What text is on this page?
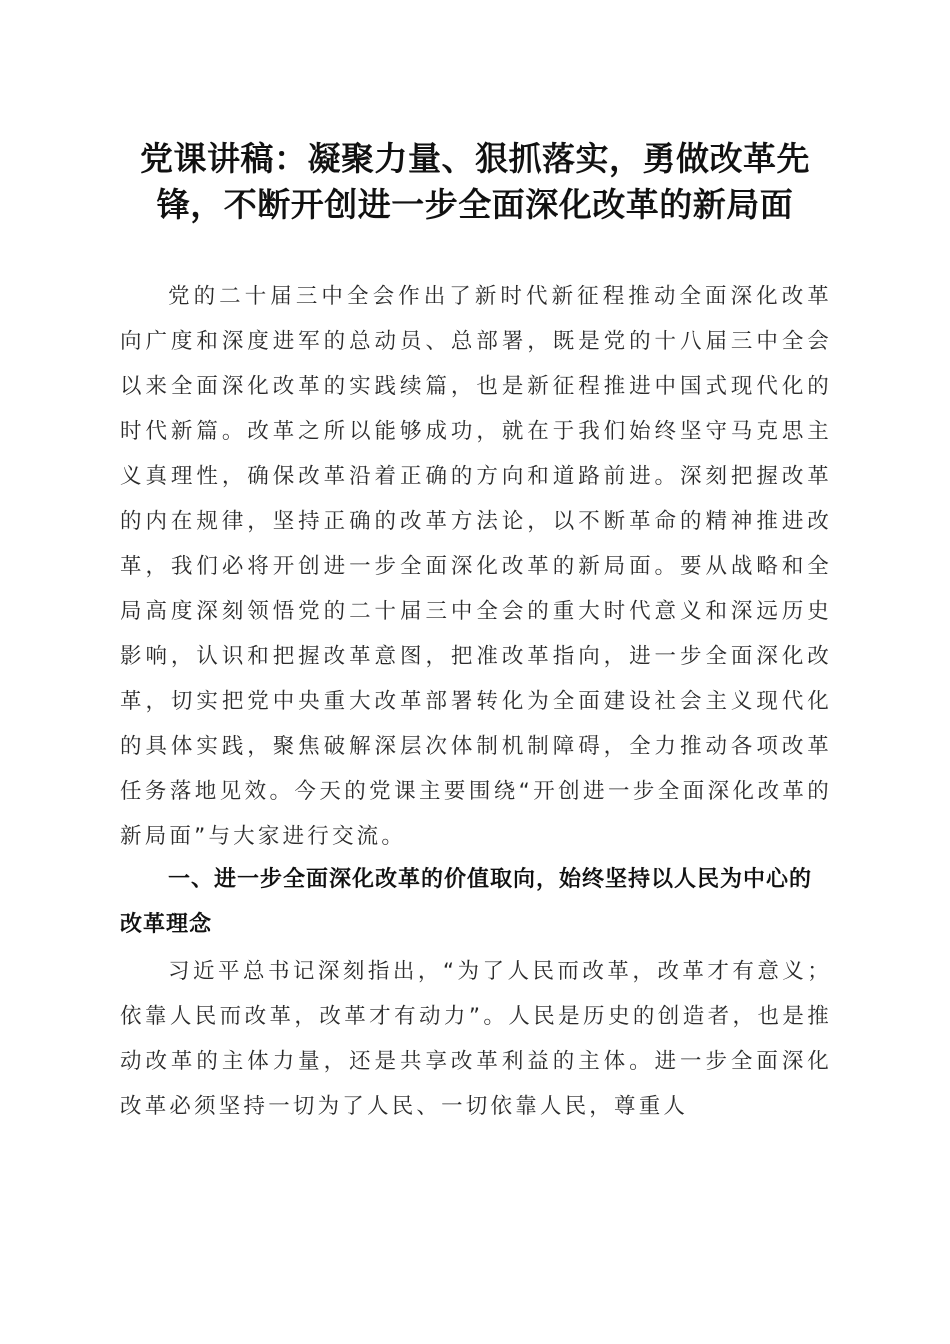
党课讲稿：凝聚力量、狠抓落实，勇做改革先锋，不断开创进一步全面深化改革的新局面

党的二十届三中全会作出了新时代新征程推动全面深化改革向广度和深度进军的总动员、总部署，既是党的十八届三中全会以来全面深化改革的实践续篇，也是新征程推进中国式现代化的时代新篇。改革之所以能够成功，就在于我们始终坚守马克思主义真理性，确保改革沿着正确的方向和道路前进。深刻把握改革的内在规律，坚持正确的改革方法论，以不断革命的精神推进改革，我们必将开创进一步全面深化改革的新局面。要从战略和全局高度深刻领悟党的二十届三中全会的重大时代意义和深远历史影响，认识和把握改革意图，把准改革指向，进一步全面深化改革，切实把党中央重大改革部署转化为全面建设社会主义现代化的具体实践，聚焦破解深层次体制机制障碍，全力推动各项改革任务落地见效。今天的党课主要围绕“开创进一步全面深化改革的新局面”与大家进行交流。

一、进一步全面深化改革的价值取向，始终坚持以人民为中心的改革理念

习近平总书记深刻指出，“为了人民而改革，改革才有意义；依靠人民而改革，改革才有动力”。人民是历史的创造者，也是推动改革的主体力量，还是共享改革利益的主体。进一步全面深化改革必须坚持一切为了人民、一切依靠人民，尊重人
